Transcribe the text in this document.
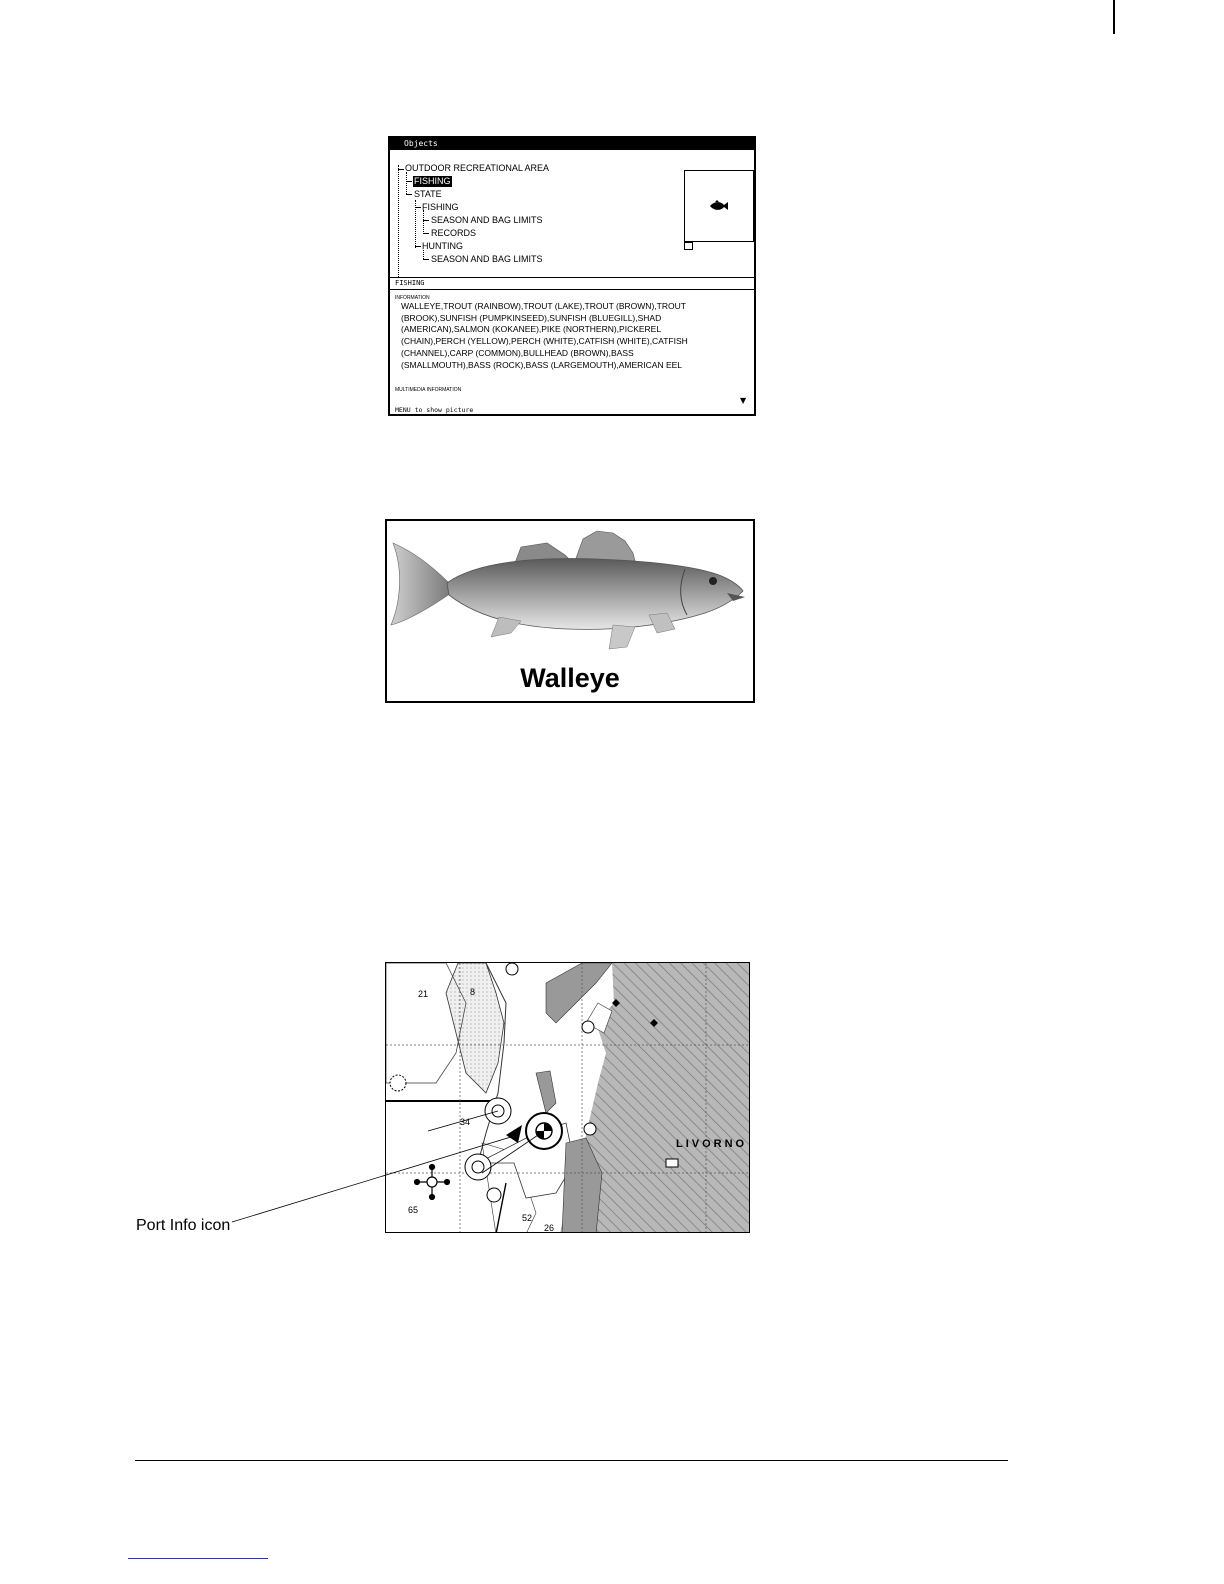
Objects
OUTDOOR RECREATIONAL AREA
FISHING
STATE
FISHING
SEASON AND BAG LIMITS
RECORDS
HUNTING
SEASON AND BAG LIMITS
FISHING
INFORMATION
WALLEYE,TROUT (RAINBOW),TROUT (LAKE),TROUT (BROWN),TROUT (BROOK),SUNFISH (PUMPKINSEED),SUNFISH (BLUEGILL),SHAD (AMERICAN),SALMON (KOKANEE),PIKE (NORTHERN),PICKEREL (CHAIN),PERCH (YELLOW),PERCH (WHITE),CATFISH (WHITE),CATFISH (CHANNEL),CARP (COMMON),BULLHEAD (BROWN),BASS (SMALLMOUTH),BASS (ROCK),BASS (LARGEMOUTH),AMERICAN EEL
MULTIMEDIA INFORMATION
▼
MENU to show picture
Walleye
21	8
34
65
26
52
LIVORNO
Port Info icon
